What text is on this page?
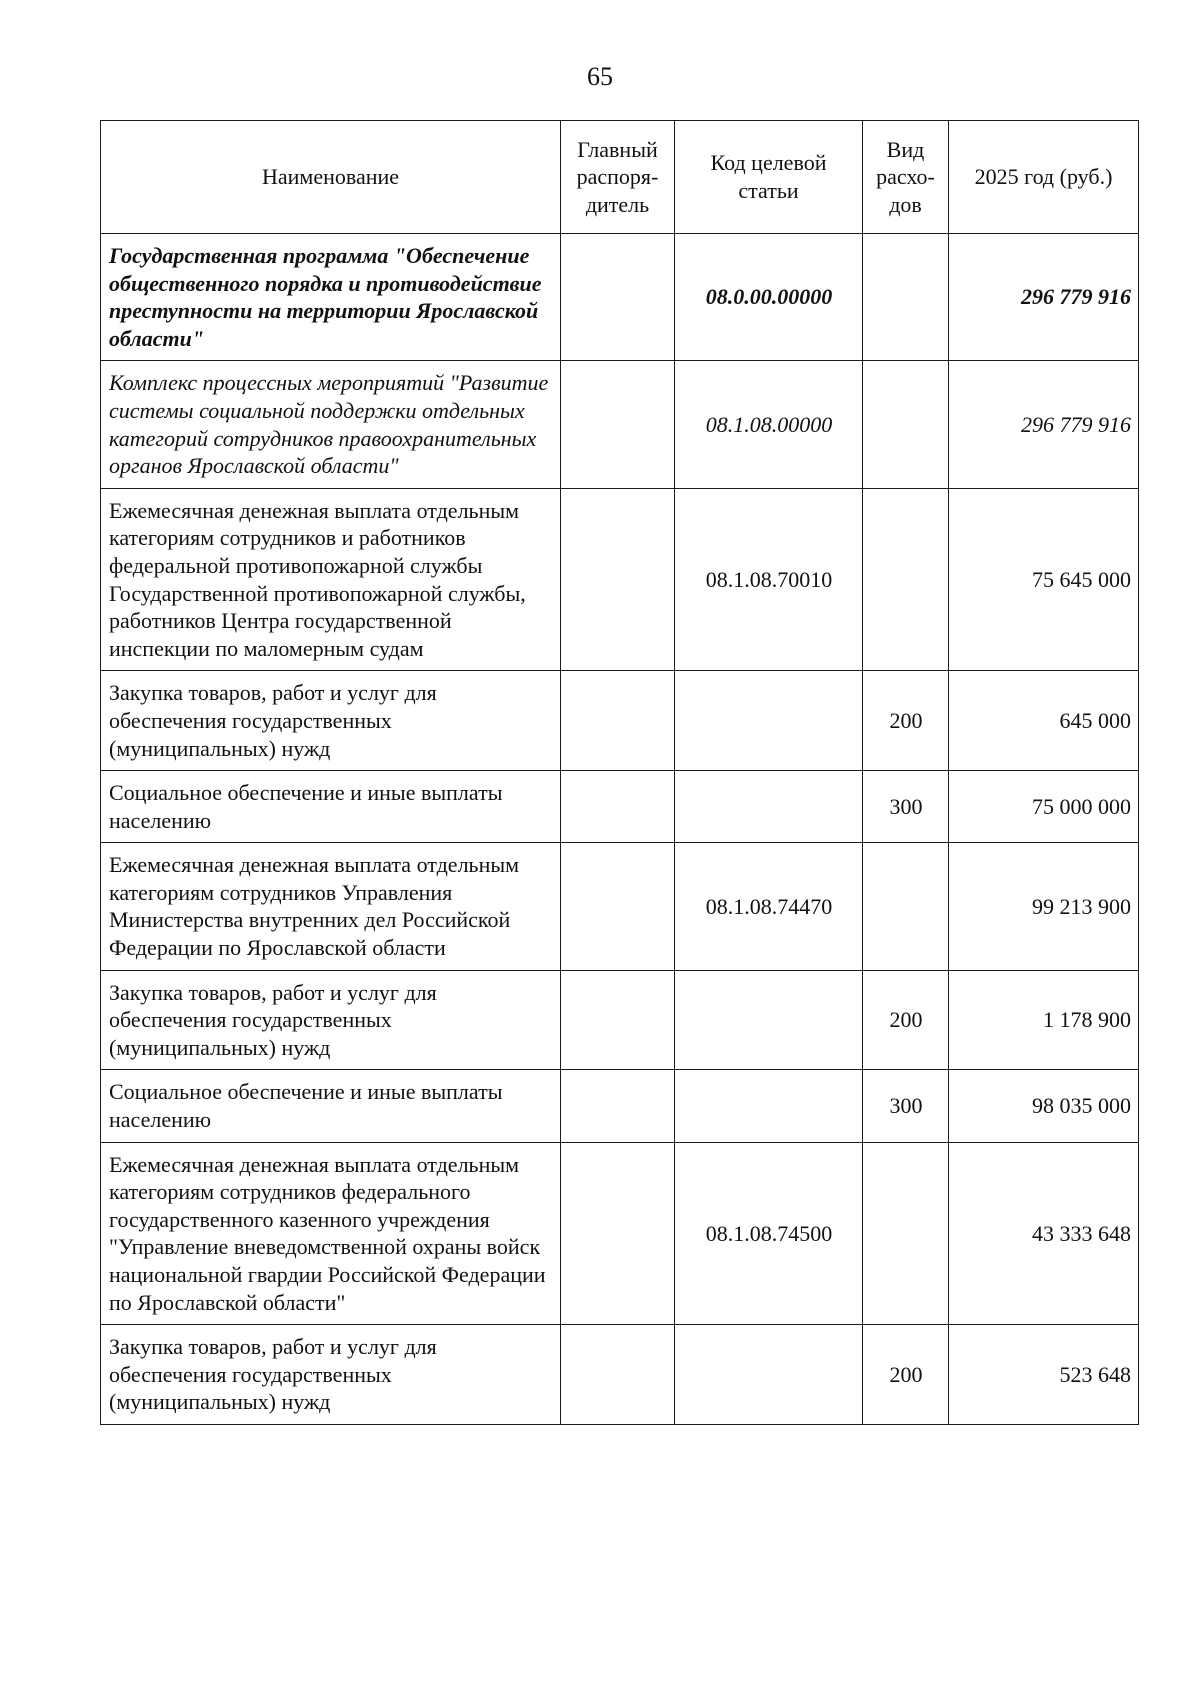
65
Наименование	Главный распоря- дитель	Код целевой статьи	Вид расхо- дов	2025 год (руб.)
Государственная программа "Обеспечение общественного порядка и противодействие преступности на территории Ярославской области"		08.0.00.00000		296 779 916
Комплекс процессных мероприятий "Развитие системы социальной поддержки отдельных категорий сотрудников правоохранительных органов Ярославской области"		08.1.08.00000		296 779 916
Ежемесячная денежная выплата отдельным категориям сотрудников и работников федеральной противопожарной службы Государственной противопожарной службы, работников Центра государственной инспекции по маломерным судам		08.1.08.70010		75 645 000
Закупка товаров, работ и услуг для обеспечения государственных (муниципальных) нужд			200	645 000
Социальное обеспечение и иные выплаты населению			300	75 000 000
Ежемесячная денежная выплата отдельным категориям сотрудников Управления Министерства внутренних дел Российской Федерации по Ярославской области		08.1.08.74470		99 213 900
Закупка товаров, работ и услуг для обеспечения государственных (муниципальных) нужд			200	1 178 900
Социальное обеспечение и иные выплаты населению			300	98 035 000
Ежемесячная денежная выплата отдельным категориям сотрудников федерального государственного казенного учреждения "Управление вневедомственной охраны войск национальной гвардии Российской Федерации по Ярославской области"		08.1.08.74500		43 333 648
Закупка товаров, работ и услуг для обеспечения государственных (муниципальных) нужд			200	523 648
